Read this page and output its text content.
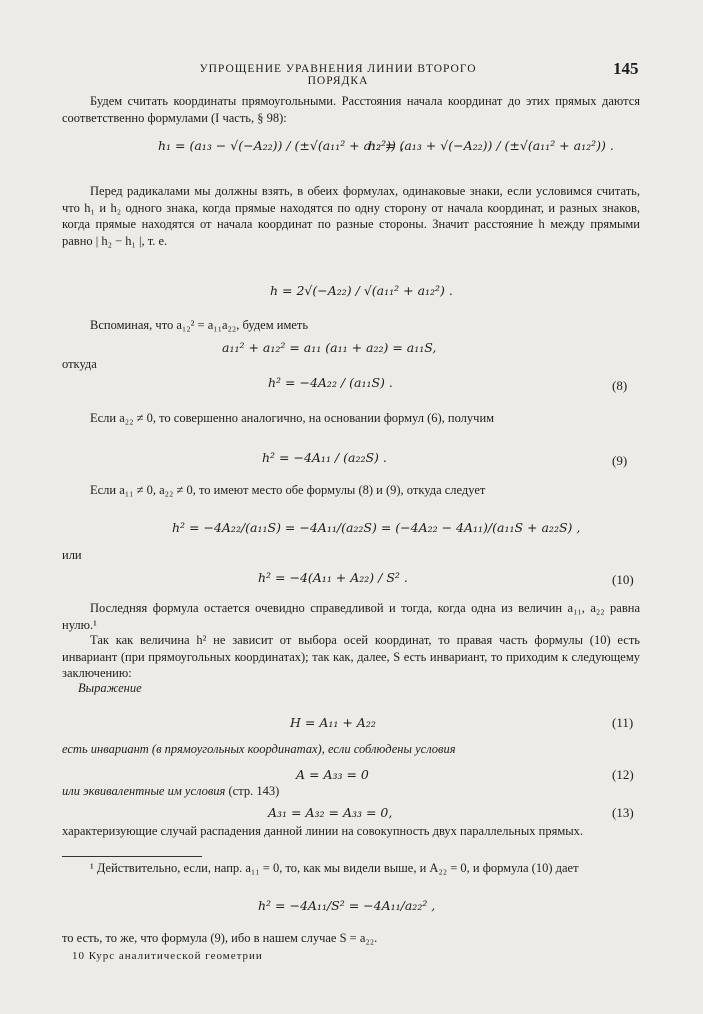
УПРОЩЕНИЕ УРАВНЕНИЯ ЛИНИИ ВТОРОГО ПОРЯДКА
145

Будем считать координаты прямоугольными. Расстояния начала координат до этих прямых даются соответственно формулами (I часть, § 98):

h₁ = (a₁₃ − √(−A₂₂)) / (±√(a₁₁² + a₁₂²)) ,
h₂ = (a₁₃ + √(−A₂₂)) / (±√(a₁₁² + a₁₂²)) .

Перед радикалами мы должны взять, в обеих формулах, одинаковые знаки, если условимся считать, что h₁ и h₂ одного знака, когда прямые находятся по одну сторону от начала координат, и разных знаков, когда прямые находятся от начала координат по разные стороны. Значит расстояние h между прямыми равно | h₂ − h₁ |, т. е.

h = 2√(−A₂₂) / √(a₁₁² + a₁₂²) .

Вспоминая, что a₁₂² = a₁₁a₂₂, будем иметь

a₁₁² + a₁₂² = a₁₁ (a₁₁ + a₂₂) = a₁₁S,
откуда
h² = −4A₂₂ / (a₁₁S) .	(8)

Если a₂₂ ≠ 0, то совершенно аналогично, на основании формул (6), получим

h² = −4A₁₁ / (a₂₂S) .	(9)

Если a₁₁ ≠ 0, a₂₂ ≠ 0, то имеют место обе формулы (8) и (9), откуда следует

h² = −4A₂₂/(a₁₁S) = −4A₁₁/(a₂₂S) = (−4A₂₂ − 4A₁₁)/(a₁₁S + a₂₂S) ,
или
h² = −4(A₁₁ + A₂₂) / S² .	(10)

Последняя формула остается очевидно справедливой и тогда, когда одна из величин a₁₁, a₂₂ равна нулю.¹

Так как величина h² не зависит от выбора осей координат, то правая часть формулы (10) есть инвариант (при прямоугольных координатах); так как, далее, S есть инвариант, то приходим к следующему заключению:

Выражение
H = A₁₁ + A₂₂	(11)

есть инвариант (в прямоугольных координатах), если соблюдены условия

A = A₃₃ = 0	(12)
или эквивалентные им условия (стр. 143)
A₃₁ = A₃₂ = A₃₃ = 0,	(13)

характеризующие случай распадения данной линии на совокупность двух параллельных прямых.

¹ Действительно, если, напр. a₁₁ = 0, то, как мы видели выше, и A₂₂ = 0, и формула (10) дает

h² = −4A₁₁/S² = −4A₁₁/a₂₂² ,
то есть, то же, что формула (9), ибо в нашем случае S = a₂₂.
10 Курс аналитической геометрии
